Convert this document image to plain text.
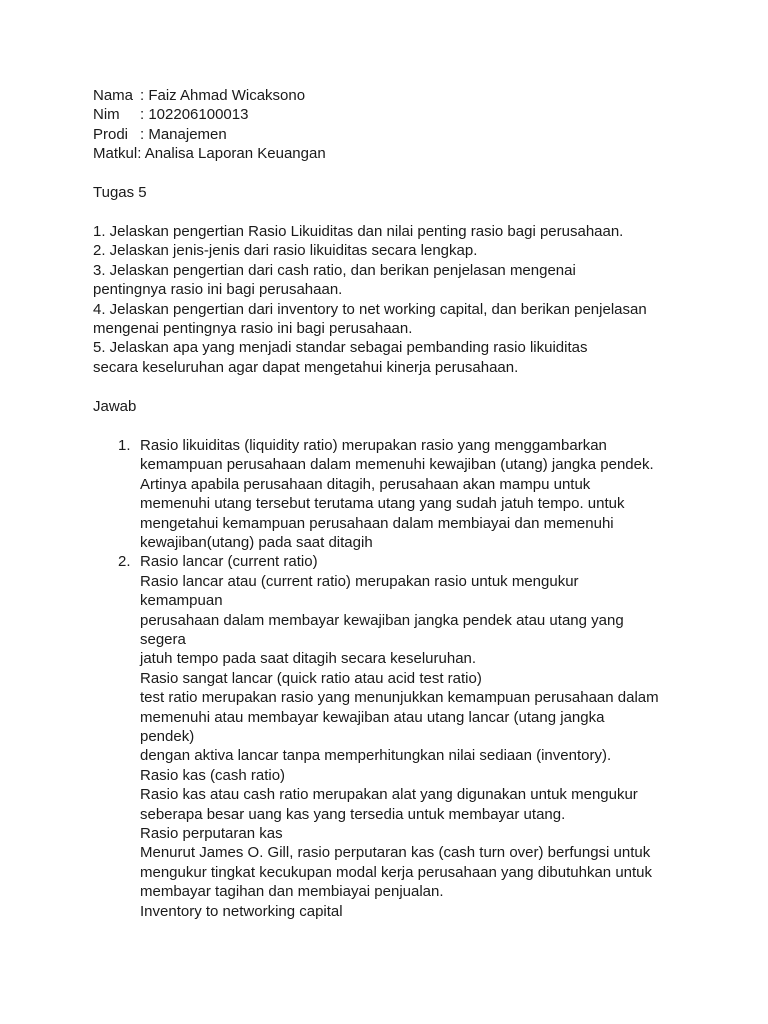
Nama : Faiz Ahmad Wicaksono
Nim : 102206100013
Prodi : Manajemen
Matkul: Analisa Laporan Keuangan
Tugas 5
1. Jelaskan pengertian Rasio Likuiditas dan nilai penting rasio bagi perusahaan.
2. Jelaskan jenis-jenis dari rasio likuiditas secara lengkap.
3. Jelaskan pengertian dari cash ratio, dan berikan penjelasan mengenai
pentingnya rasio ini bagi perusahaan.
4. Jelaskan pengertian dari inventory to net working capital, dan berikan penjelasan
mengenai pentingnya rasio ini bagi perusahaan.
5. Jelaskan apa yang menjadi standar sebagai pembanding rasio likuiditas
secara keseluruhan agar dapat mengetahui kinerja perusahaan.
Jawab
1. Rasio likuiditas (liquidity ratio) merupakan rasio yang menggambarkan
kemampuan perusahaan dalam memenuhi kewajiban (utang) jangka pendek.
Artinya apabila perusahaan ditagih, perusahaan akan mampu untuk
memenuhi utang tersebut terutama utang yang sudah jatuh tempo. untuk
mengetahui kemampuan perusahaan dalam membiayai dan memenuhi
kewajiban(utang) pada saat ditagih
2. Rasio lancar (current ratio)
Rasio lancar atau (current ratio) merupakan rasio untuk mengukur
kemampuan
perusahaan dalam membayar kewajiban jangka pendek atau utang yang
segera
jatuh tempo pada saat ditagih secara keseluruhan.
Rasio sangat lancar (quick ratio atau acid test ratio)
test ratio merupakan rasio yang menunjukkan kemampuan perusahaan dalam
memenuhi atau membayar kewajiban atau utang lancar (utang jangka
pendek)
dengan aktiva lancar tanpa memperhitungkan nilai sediaan (inventory).
Rasio kas (cash ratio)
Rasio kas atau cash ratio merupakan alat yang digunakan untuk mengukur
seberapa besar uang kas yang tersedia untuk membayar utang.
Rasio perputaran kas
Menurut James O. Gill, rasio perputaran kas (cash turn over) berfungsi untuk
mengukur tingkat kecukupan modal kerja perusahaan yang dibutuhkan untuk
membayar tagihan dan membiayai penjualan.
Inventory to networking capital
